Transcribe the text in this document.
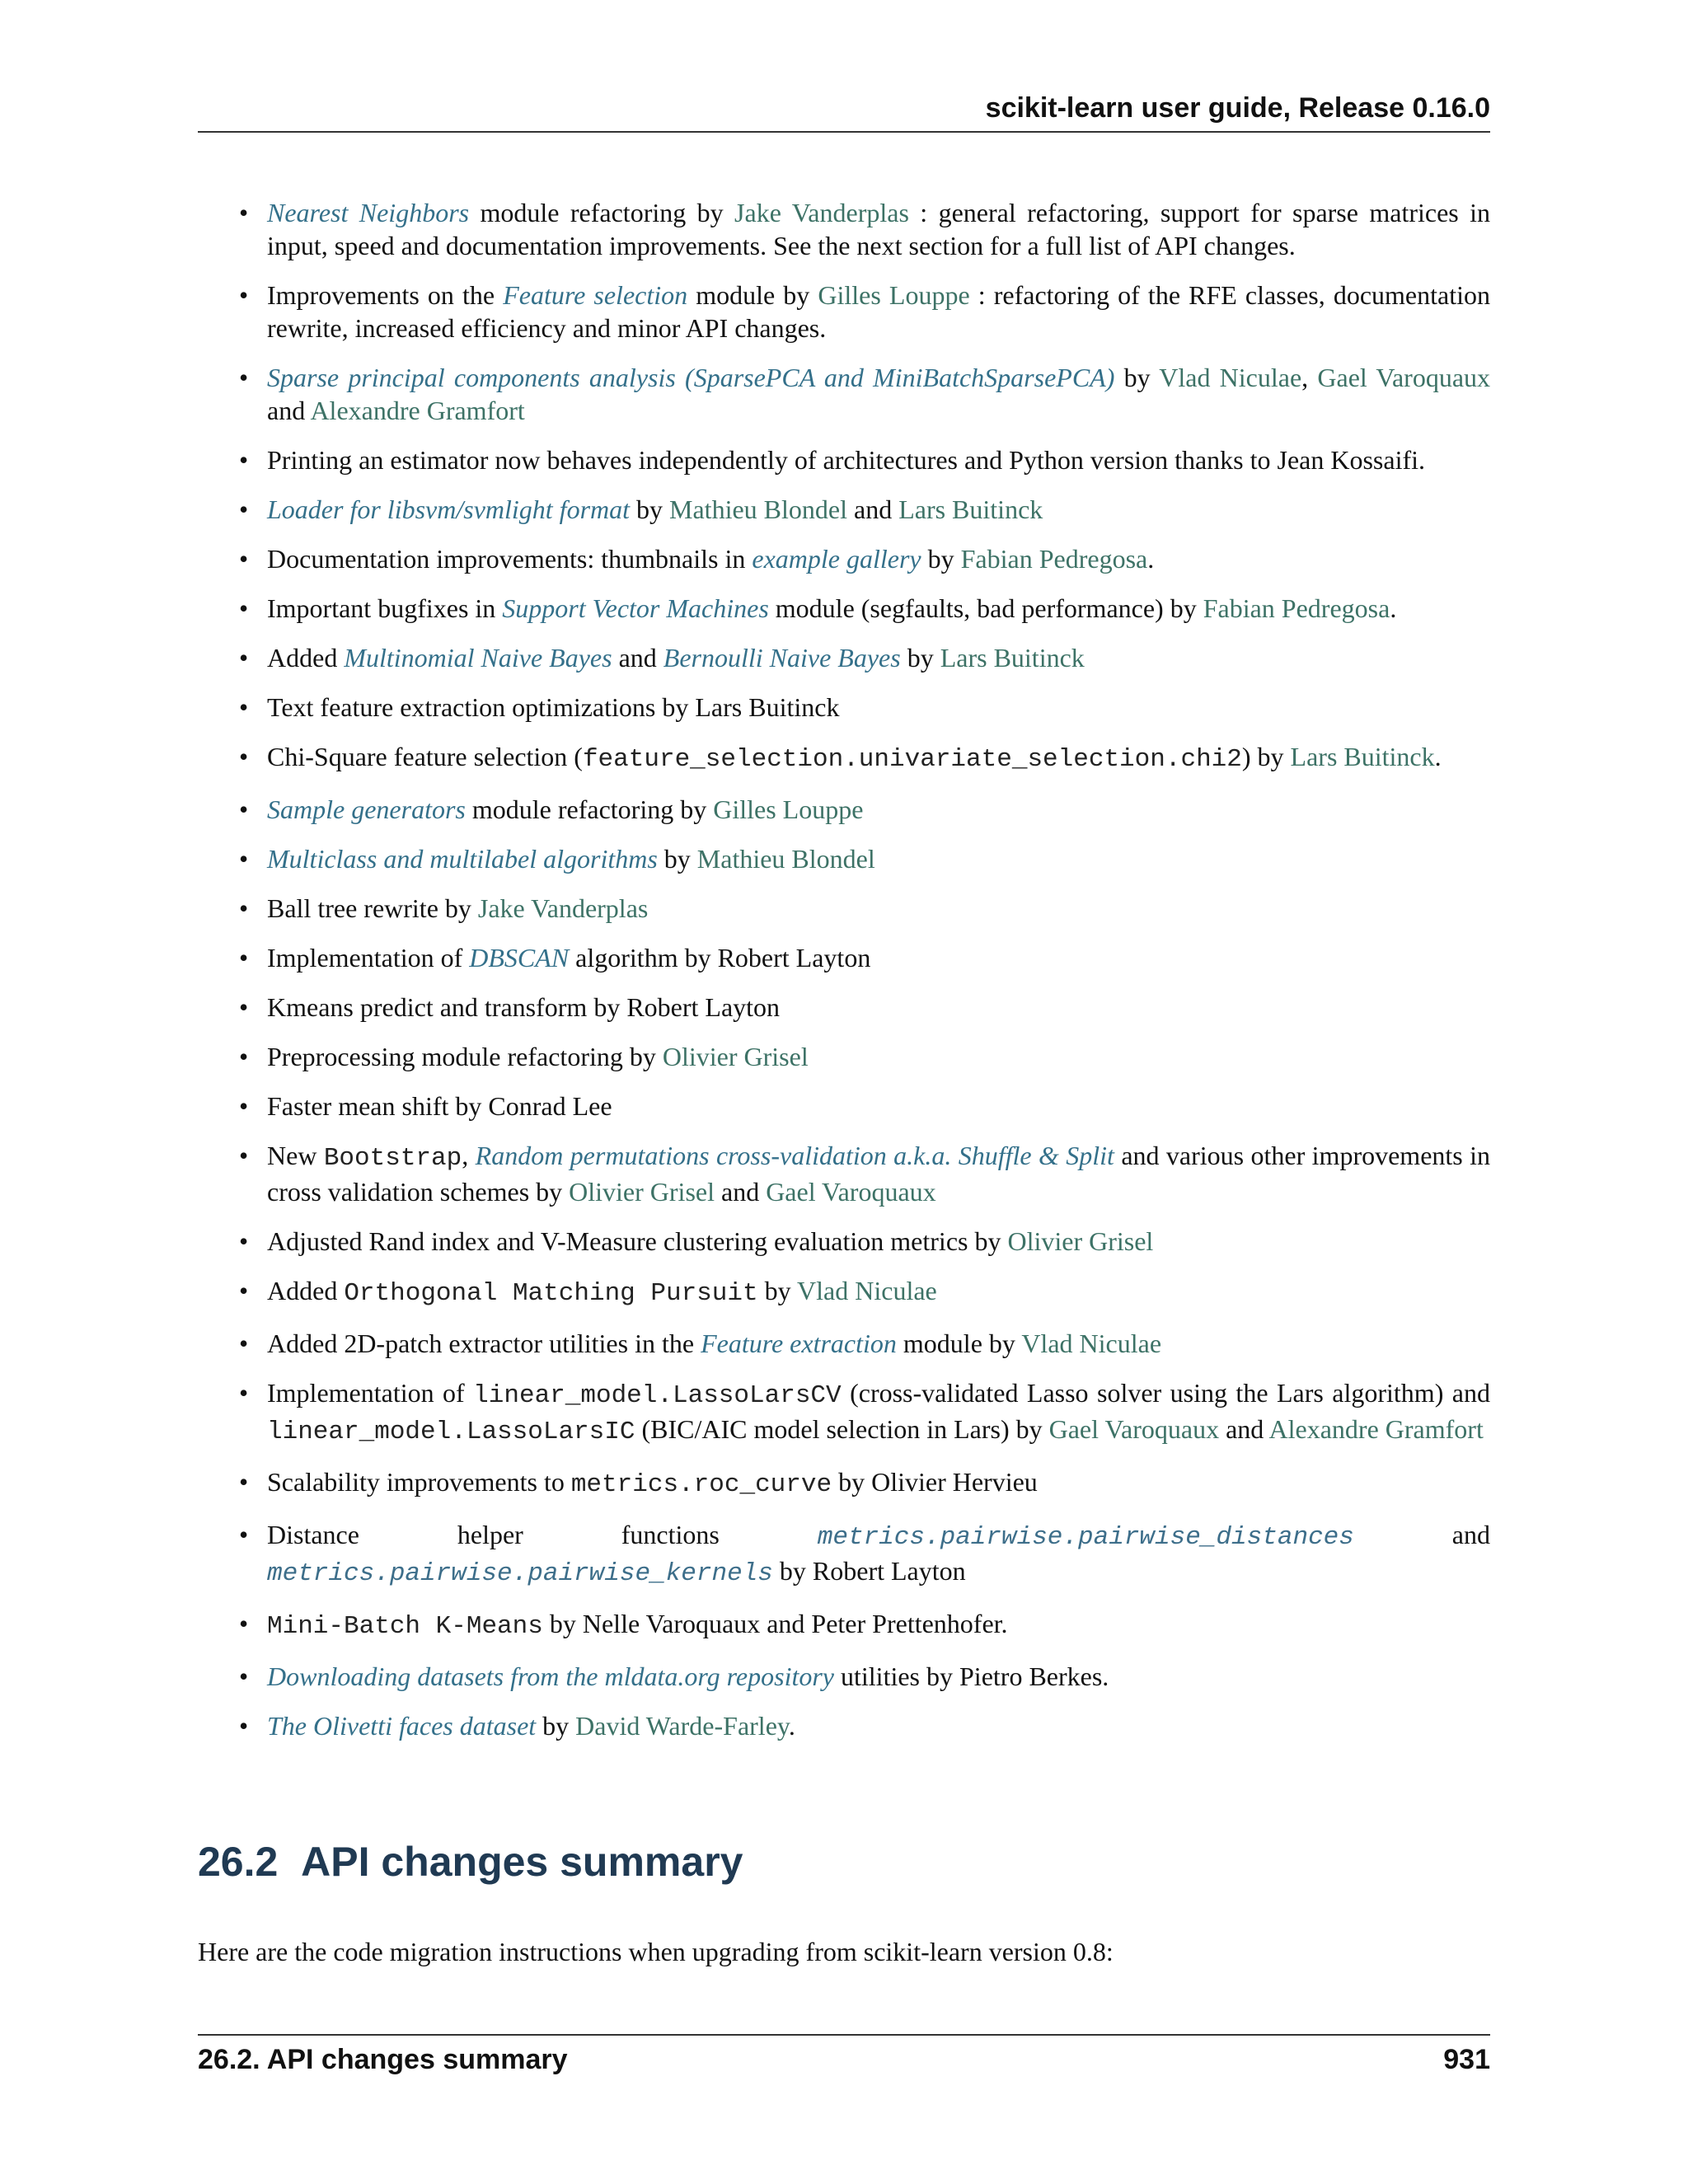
scikit-learn user guide, Release 0.16.0
• Nearest Neighbors module refactoring by Jake Vanderplas : general refactoring, support for sparse matrices in input, speed and documentation improvements. See the next section for a full list of API changes.
• Improvements on the Feature selection module by Gilles Louppe : refactoring of the RFE classes, documentation rewrite, increased efficiency and minor API changes.
• Sparse principal components analysis (SparsePCA and MiniBatchSparsePCA) by Vlad Niculae, Gael Varoquaux and Alexandre Gramfort
• Printing an estimator now behaves independently of architectures and Python version thanks to Jean Kossaifi.
• Loader for libsvm/svmlight format by Mathieu Blondel and Lars Buitinck
• Documentation improvements: thumbnails in example gallery by Fabian Pedregosa.
• Important bugfixes in Support Vector Machines module (segfaults, bad performance) by Fabian Pedregosa.
• Added Multinomial Naive Bayes and Bernoulli Naive Bayes by Lars Buitinck
• Text feature extraction optimizations by Lars Buitinck
• Chi-Square feature selection (feature_selection.univariate_selection.chi2) by Lars Buitinck.
• Sample generators module refactoring by Gilles Louppe
• Multiclass and multilabel algorithms by Mathieu Blondel
• Ball tree rewrite by Jake Vanderplas
• Implementation of DBSCAN algorithm by Robert Layton
• Kmeans predict and transform by Robert Layton
• Preprocessing module refactoring by Olivier Grisel
• Faster mean shift by Conrad Lee
• New Bootstrap, Random permutations cross-validation a.k.a. Shuffle & Split and various other improvements in cross validation schemes by Olivier Grisel and Gael Varoquaux
• Adjusted Rand index and V-Measure clustering evaluation metrics by Olivier Grisel
• Added Orthogonal Matching Pursuit by Vlad Niculae
• Added 2D-patch extractor utilities in the Feature extraction module by Vlad Niculae
• Implementation of linear_model.LassoLarsCV (cross-validated Lasso solver using the Lars algorithm) and linear_model.LassoLarsIC (BIC/AIC model selection in Lars) by Gael Varoquaux and Alexandre Gramfort
• Scalability improvements to metrics.roc_curve by Olivier Hervieu
• Distance helper functions metrics.pairwise.pairwise_distances and metrics.pairwise.pairwise_kernels by Robert Layton
• Mini-Batch K-Means by Nelle Varoquaux and Peter Prettenhofer.
• Downloading datasets from the mldata.org repository utilities by Pietro Berkes.
• The Olivetti faces dataset by David Warde-Farley.
26.2 API changes summary
Here are the code migration instructions when upgrading from scikit-learn version 0.8:
26.2. API changes summary	931
